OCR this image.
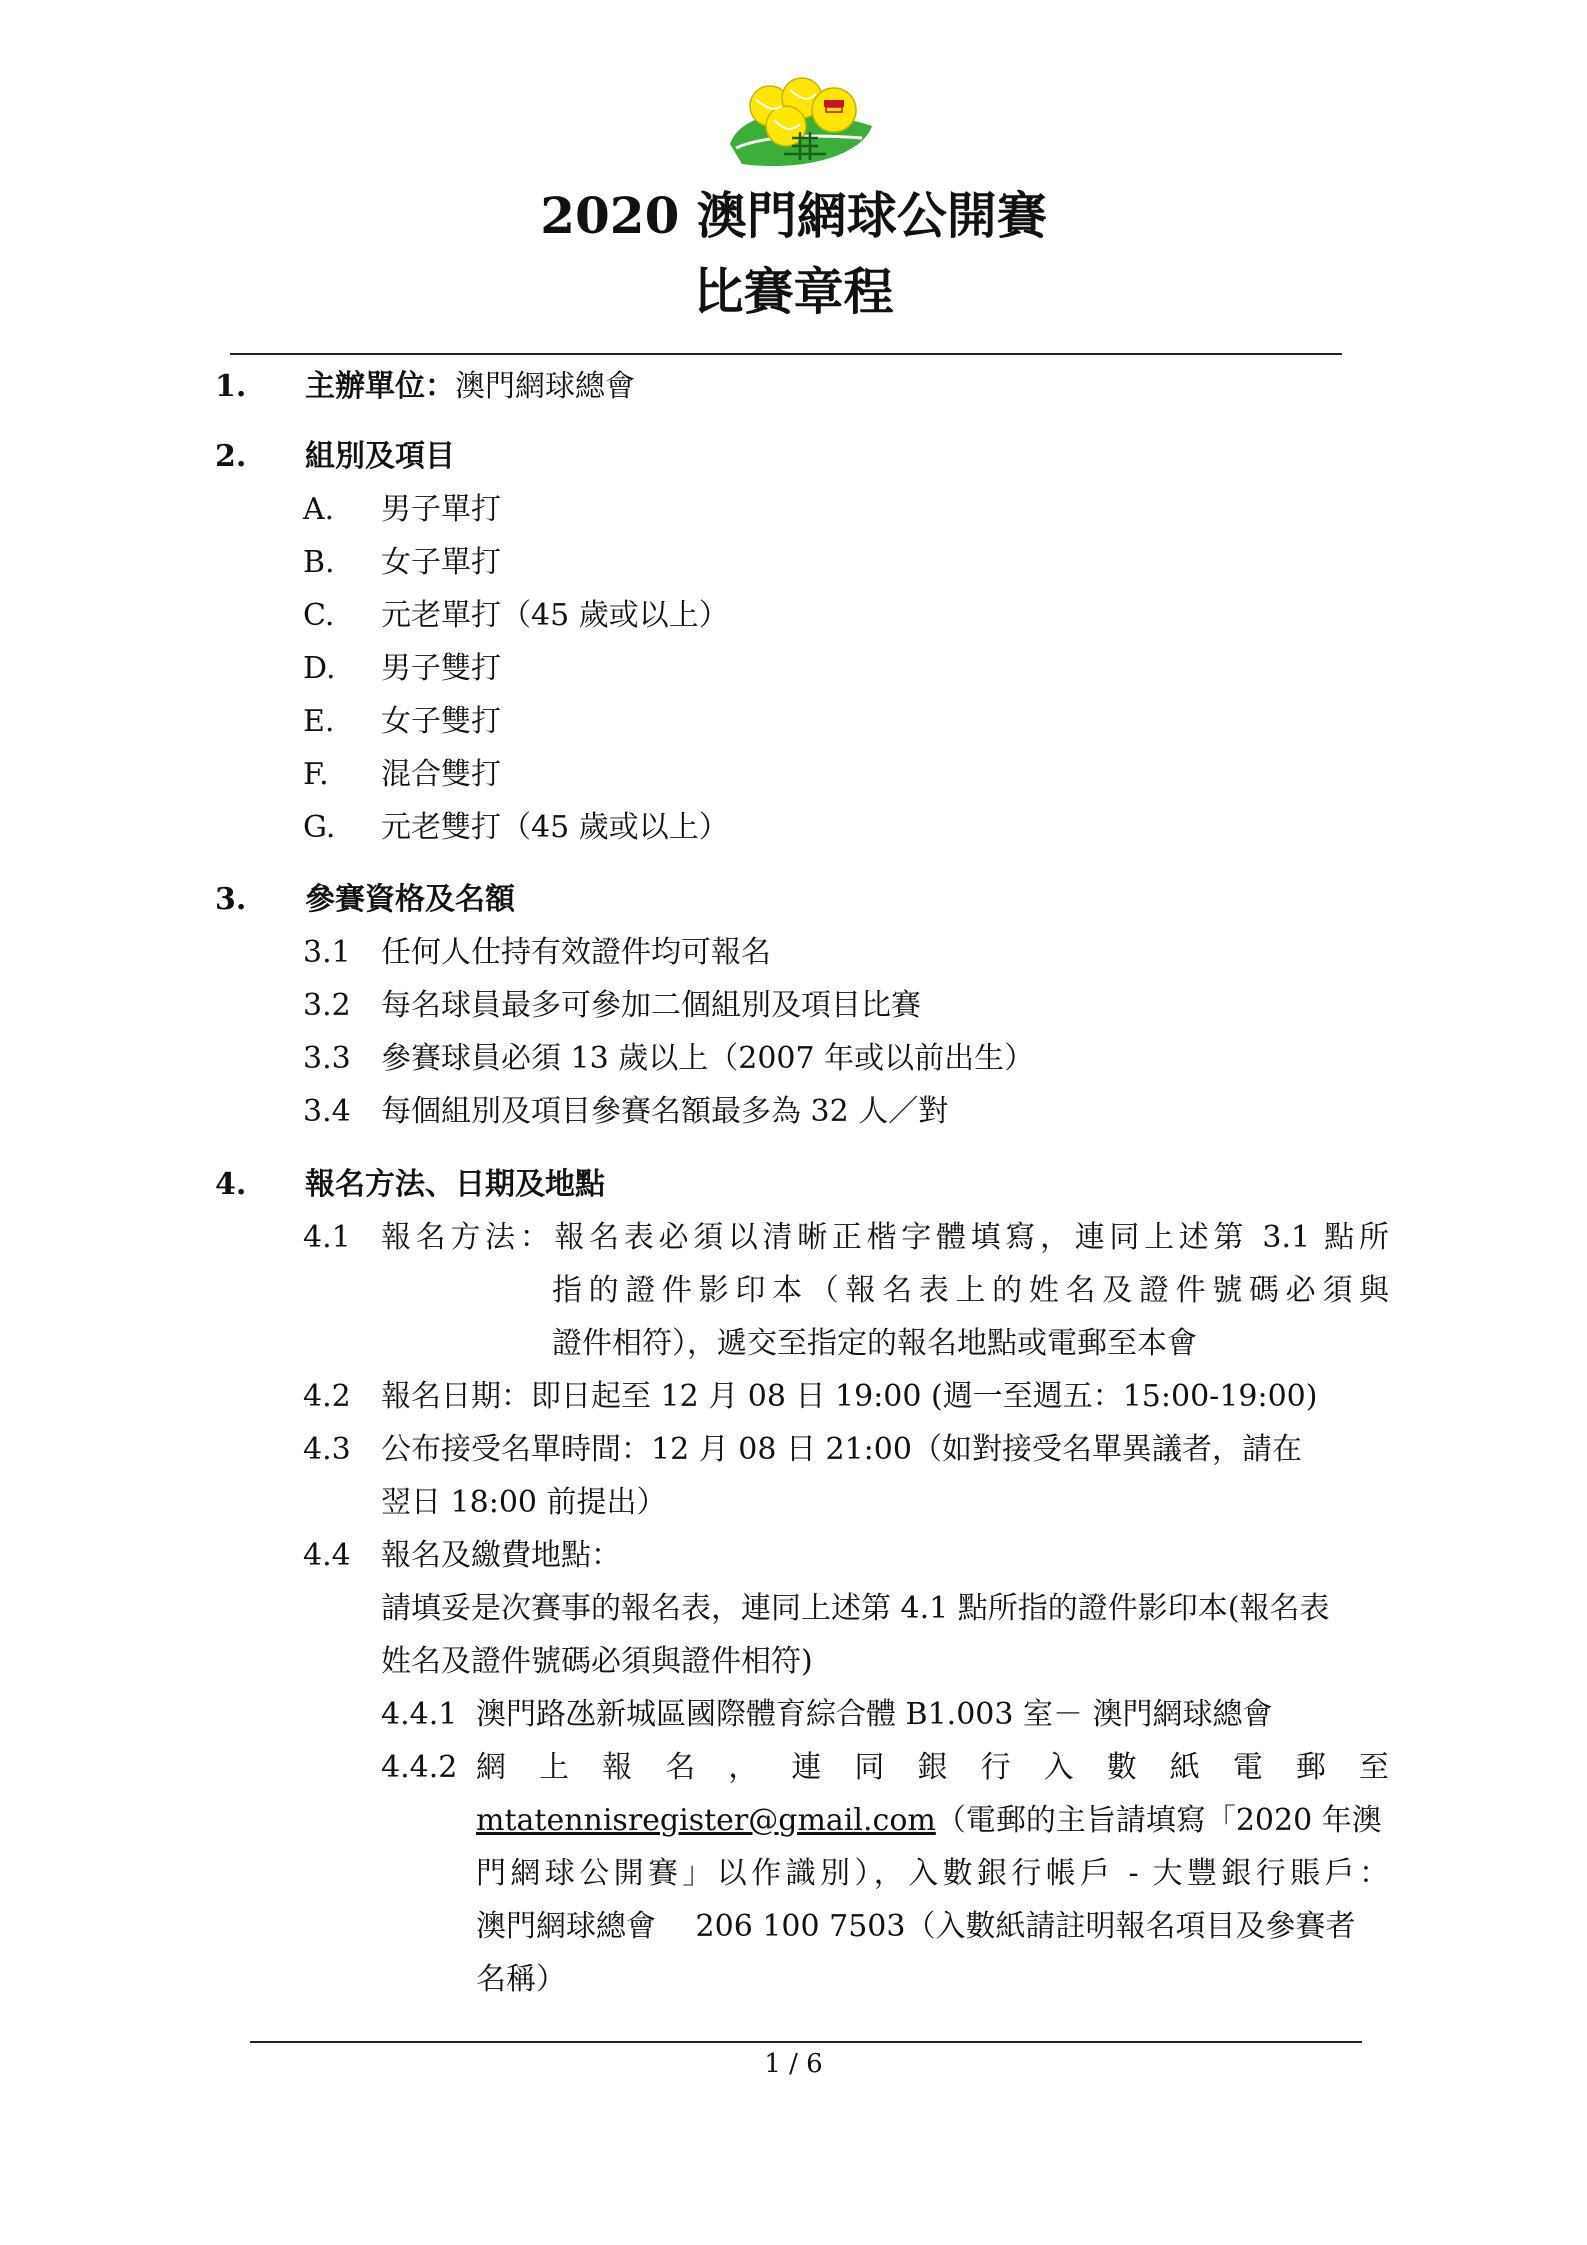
2020 澳門網球公開賽
比賽章程
1. 主辦單位：澳門網球總會
2. 組別及項目
A. 男子單打
B. 女子單打
C. 元老單打（45 歲或以上）
D. 男子雙打
E. 女子雙打
F. 混合雙打
G. 元老雙打（45 歲或以上）
3. 參賽資格及名額
3.1 任何人仕持有效證件均可報名
3.2 每名球員最多可參加二個組別及項目比賽
3.3 參賽球員必須 13 歲以上（2007 年或以前出生）
3.4 每個組別及項目參賽名額最多為 32 人／對
4. 報名方法、日期及地點
4.1 報名方法：報名表必須以清晰正楷字體填寫，連同上述第 3.1 點所
指的證件影印本（報名表上的姓名及證件號碼必須與
證件相符），遞交至指定的報名地點或電郵至本會
4.2 報名日期：即日起至 12 月 08 日 19:00 (週一至週五：15:00-19:00)
4.3 公布接受名單時間：12 月 08 日 21:00（如對接受名單異議者，請在
翌日 18:00 前提出）
4.4 報名及繳費地點：
請填妥是次賽事的報名表，連同上述第 4.1 點所指的證件影印本(報名表
姓名及證件號碼必須與證件相符)
4.4.1 澳門路氹新城區國際體育綜合體 B1.003 室－ 澳門網球總會
4.4.2 網 上 報 名 ， 連 同 銀 行 入 數 紙 電 郵 至
mtatennisregister@gmail.com（電郵的主旨請填寫「2020 年澳
門網球公開賽」以作識別），入數銀行帳戶 - 大豐銀行賬戶：
澳門網球總會　 206 100 7503（入數紙請註明報名項目及參賽者
名稱）
1 / 6
